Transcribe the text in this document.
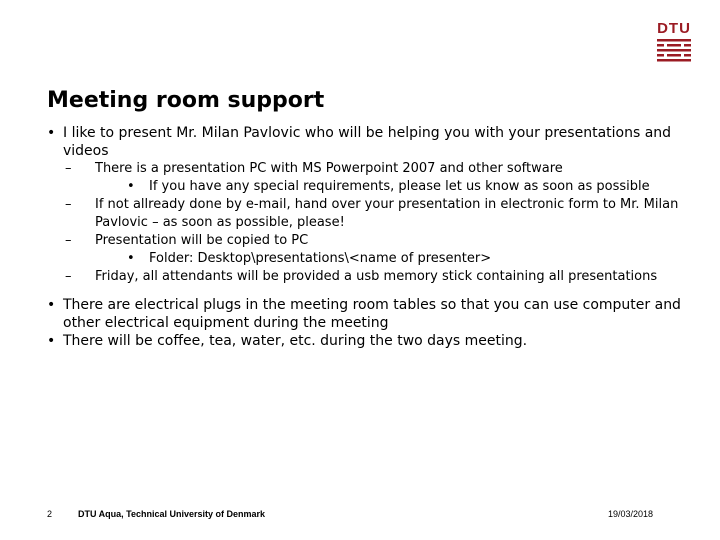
DTU
Meeting room support
• I like to present Mr. Milan Pavlovic who will be helping you with your presentations and videos
– There is a presentation PC with MS Powerpoint 2007 and other software
• If you have any special requirements, please let us know as soon as possible
– If not allready done by e-mail, hand over your presentation in electronic form to Mr. Milan Pavlovic – as soon as possible, please!
– Presentation will be copied to PC
• Folder: Desktop\presentations\<name of presenter>
– Friday, all attendants will be provided a usb memory stick containing all presentations
• There are electrical plugs in the meeting room tables so that you can use computer and other electrical equipment during the meeting
• There will be coffee, tea, water, etc. during the two days meeting.
2	DTU Aqua, Technical University of Denmark	19/03/2018
